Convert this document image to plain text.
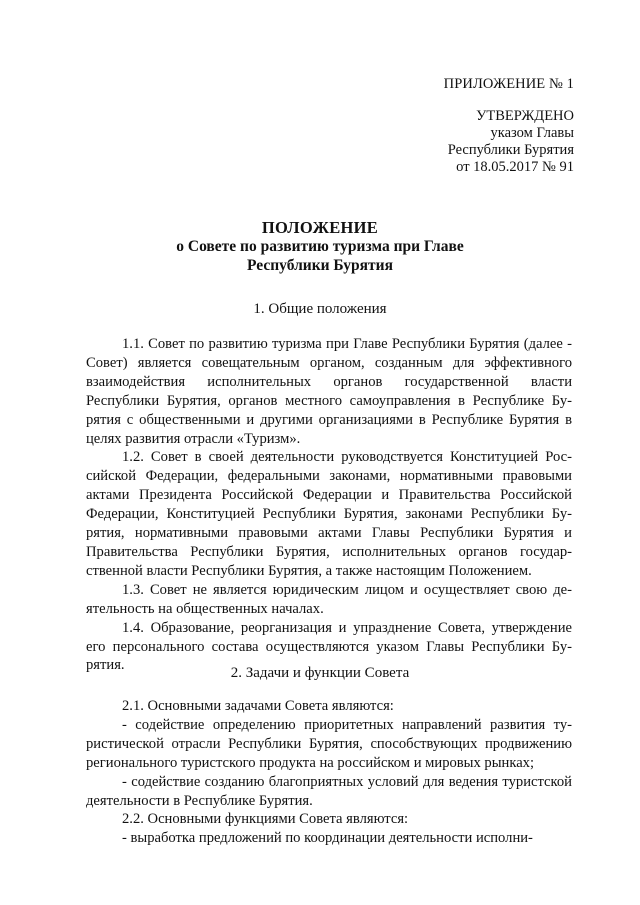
ПРИЛОЖЕНИЕ № 1
УТВЕРЖДЕНО
указом Главы
Республики Бурятия
от 18.05.2017 № 91
ПОЛОЖЕНИЕ
о Совете по развитию туризма при Главе
Республики Бурятия
1. Общие положения

1.1. Совет по развитию туризма при Главе Республики Бурятия (далее - Совет) является совещательным органом, созданным для эффективного взаимодействия исполнительных органов государственной власти Республики Бурятия, органов местного самоуправления в Республике Бурятия с общественными и другими организациями в Республике Бурятия в целях развития отрасли «Туризм».

1.2. Совет в своей деятельности руководствуется Конституцией Российской Федерации, федеральными законами, нормативными правовыми актами Президента Российской Федерации и Правительства Российской Федерации, Конституцией Республики Бурятия, законами Республики Бурятия, нормативными правовыми актами Главы Республики Бурятия и Правительства Республики Бурятия, исполнительных органов государственной власти Республики Бурятия, а также настоящим Положением.

1.3. Совет не является юридическим лицом и осуществляет свою деятельность на общественных началах.

1.4. Образование, реорганизация и упразднение Совета, утверждение его персонального состава осуществляются указом Главы Республики Бурятия.	2. Задачи и функции Совета

2.1. Основными задачами Совета являются:

- содействие определению приоритетных направлений развития туристической отрасли Республики Бурятия, способствующих продвижению регионального туристского продукта на российском и мировых рынках;

- содействие созданию благоприятных условий для ведения туристской деятельности в Республике Бурятия.

2.2. Основными функциями Совета являются:

- выработка предложений по координации деятельности исполни-
